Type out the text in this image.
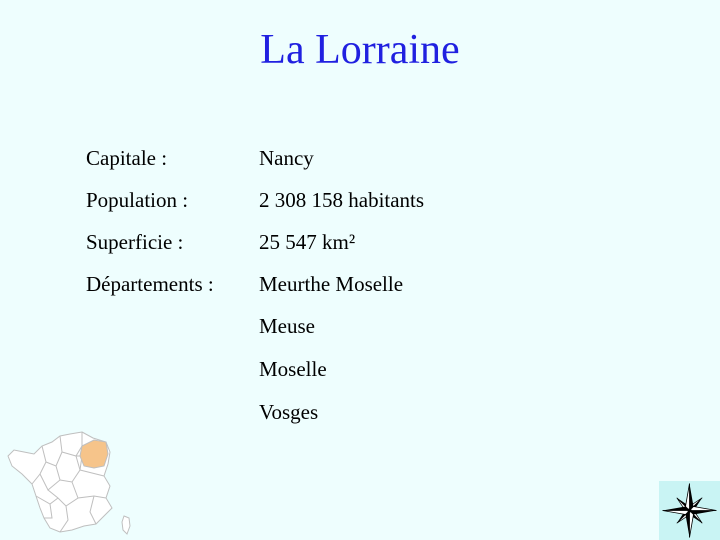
La Lorraine
Capitale :	Nancy
Population :	2 308 158 habitants
Superficie :	25 547 km²
Départements : Meurthe Moselle
Meuse
Moselle
Vosges
